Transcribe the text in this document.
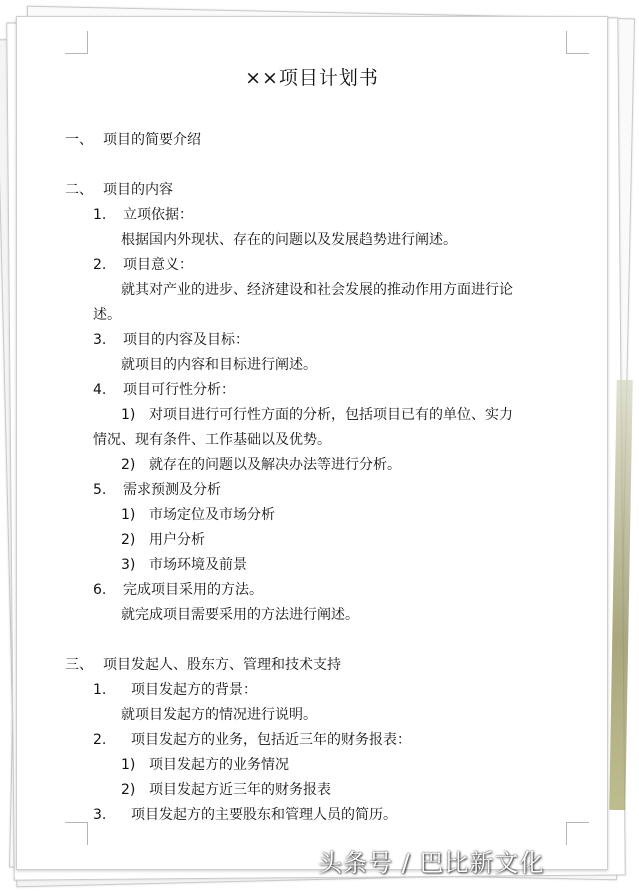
××项目计划书
一、 项目的简要介绍
二、 项目的内容
1. 立项依据：
根据国内外现状、存在的问题以及发展趋势进行阐述。
2. 项目意义：
就其对产业的进步、经济建设和社会发展的推动作用方面进行论
述。
3. 项目的内容及目标：
就项目的内容和目标进行阐述。
4. 项目可行性分析：
1) 对项目进行可行性方面的分析，包括项目已有的单位、实力
情况、现有条件、工作基础以及优势。
2) 就存在的问题以及解决办法等进行分析。
5. 需求预测及分析
1) 市场定位及市场分析
2) 用户分析
3) 市场环境及前景
6. 完成项目采用的方法。
就完成项目需要采用的方法进行阐述。
三、 项目发起人、股东方、管理和技术支持
1. 项目发起方的背景：
就项目发起方的情况进行说明。
2. 项目发起方的业务，包括近三年的财务报表：
1) 项目发起方的业务情况
2) 项目发起方近三年的财务报表
3. 项目发起方的主要股东和管理人员的简历。
头条号 / 巴比新文化
